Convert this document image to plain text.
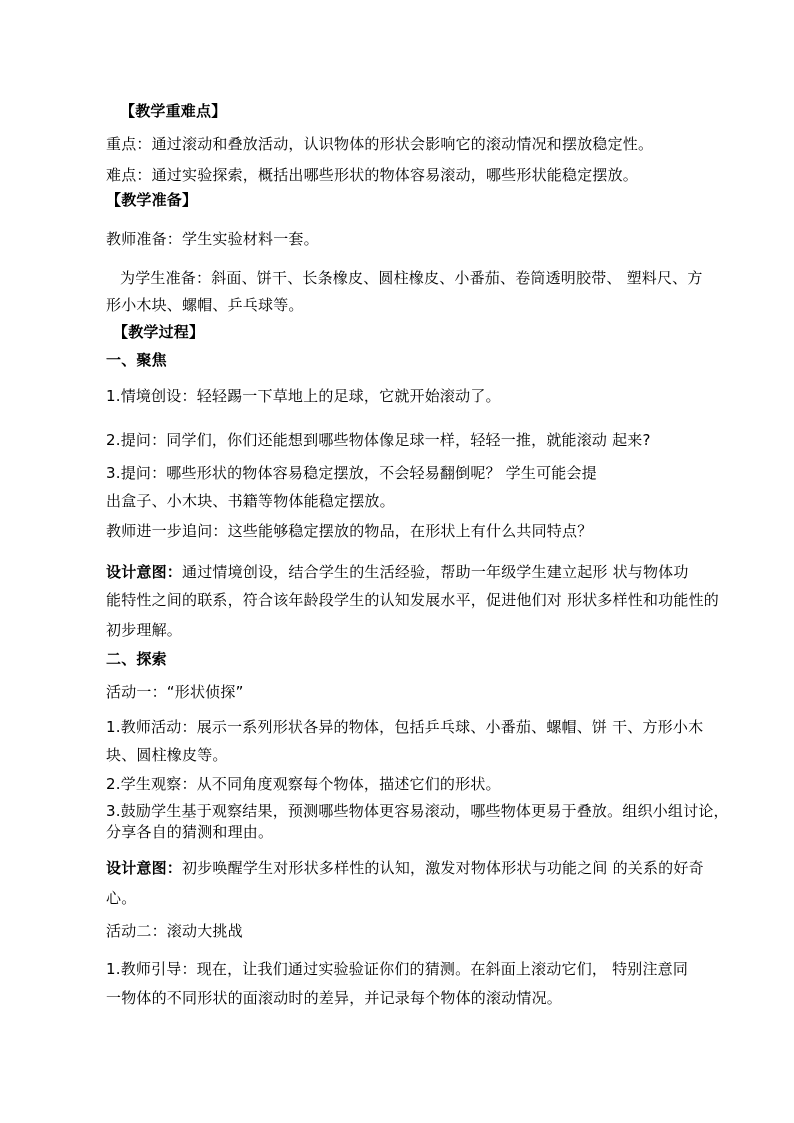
【教学重难点】
重点：通过滚动和叠放活动，认识物体的形状会影响它的滚动情况和摆放稳定性。
难点：通过实验探索，概括出哪些形状的物体容易滚动，哪些形状能稳定摆放。
【教学准备】
教师准备：学生实验材料一套。
为学生准备：斜面、饼干、长条橡皮、圆柱橡皮、小番茄、卷筒透明胶带、 塑料尺、方
形小木块、螺帽、乒乓球等。
【教学过程】
一、聚焦
1.情境创设：轻轻踢一下草地上的足球，它就开始滚动了。
2.提问：同学们，你们还能想到哪些物体像足球一样，轻轻一推，就能滚动 起来?
3.提问：哪些形状的物体容易稳定摆放，不会轻易翻倒呢？ 学生可能会提
出盒子、小木块、书籍等物体能稳定摆放。
教师进一步追问：这些能够稳定摆放的物品，在形状上有什么共同特点？
设计意图：通过情境创设，结合学生的生活经验，帮助一年级学生建立起形 状与物体功
能特性之间的联系，符合该年龄段学生的认知发展水平，促进他们对 形状多样性和功能性的
初步理解。
二、探索
活动一：“形状侦探”
1.教师活动：展示一系列形状各异的物体，包括乒乓球、小番茄、螺帽、饼 干、方形小木
块、圆柱橡皮等。
2.学生观察：从不同角度观察每个物体，描述它们的形状。
3.鼓励学生基于观察结果，预测哪些物体更容易滚动，哪些物体更易于叠放。组织小组讨论，
分享各自的猜测和理由。
设计意图：初步唤醒学生对形状多样性的认知，激发对物体形状与功能之间 的关系的好奇
心。
活动二：滚动大挑战
1.教师引导：现在，让我们通过实验验证你们的猜测。在斜面上滚动它们， 特别注意同
一物体的不同形状的面滚动时的差异，并记录每个物体的滚动情况。
